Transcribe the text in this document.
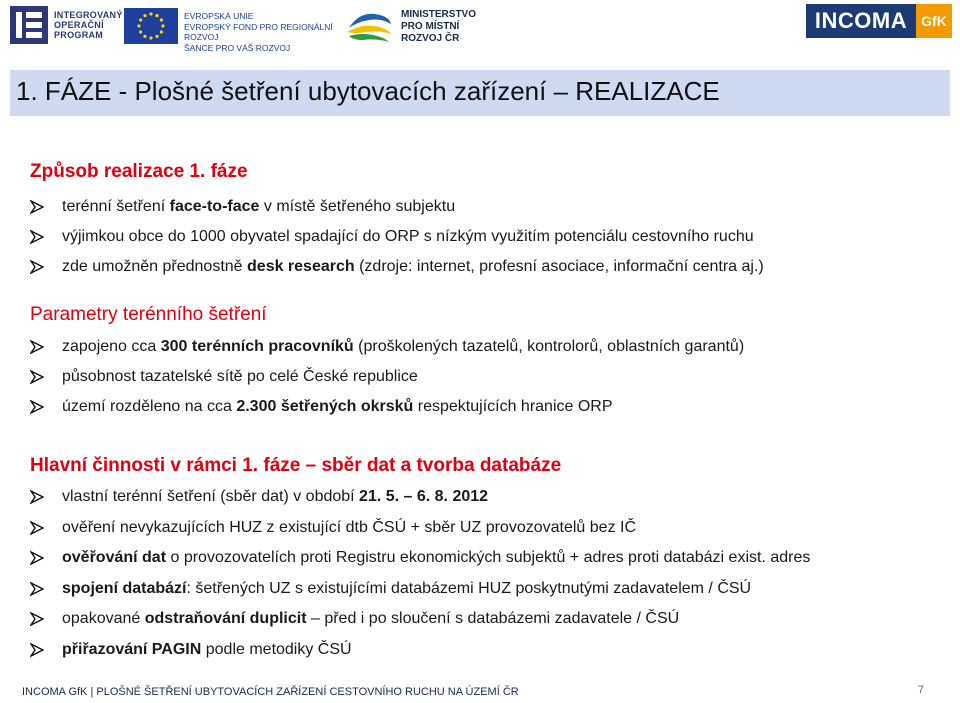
INTEGROVANÝ
OPERAČNÍ
PROGRAM
EVROPSKÁ UNIE
EVROPSKÝ FOND PRO REGIONÁLNÍ ROZVOJ
ŠANCE PRO VÁŠ ROZVOJ
MINISTERSTVO
PRO MÍSTNÍ
ROZVOJ ČR
INCOMA	GfK
1. FÁZE - Plošné šetření ubytovacích zařízení – REALIZACE
Způsob realizace 1. fáze
terénní šetření face-to-face v místě šetřeného subjektu
výjimkou obce do 1000 obyvatel spadající do ORP s nízkým využitím potenciálu cestovního ruchu
zde umožněn přednostně desk research (zdroje: internet, profesní asociace, informační centra aj.)
Parametry terénního šetření
zapojeno cca 300 terénních pracovníků (proškolených tazatelů, kontrolorů, oblastních garantů)
působnost tazatelské sítě po celé České republice
území rozděleno na cca 2.300 šetřených okrsků respektujících hranice ORP
Hlavní činnosti v rámci 1. fáze – sběr dat a tvorba databáze
vlastní terénní šetření (sběr dat) v období 21. 5. – 6. 8. 2012
ověření nevykazujících HUZ z existující dtb ČSÚ + sběr UZ provozovatelů bez IČ
ověřování dat o provozovatelích proti Registru ekonomických subjektů + adres proti databázi exist. adres
spojení databází: šetřených UZ s existujícími databázemi HUZ poskytnutými zadavatelem / ČSÚ
opakované odstraňování duplicit – před i po sloučení s databázemi zadavatele / ČSÚ
přiřazování PAGIN podle metodiky ČSÚ
INCOMA GfK | PLOŠNÉ ŠETŘENÍ UBYTOVACÍCH ZAŘÍZENÍ CESTOVNÍHO RUCHU NA ÚZEMÍ ČR	7
